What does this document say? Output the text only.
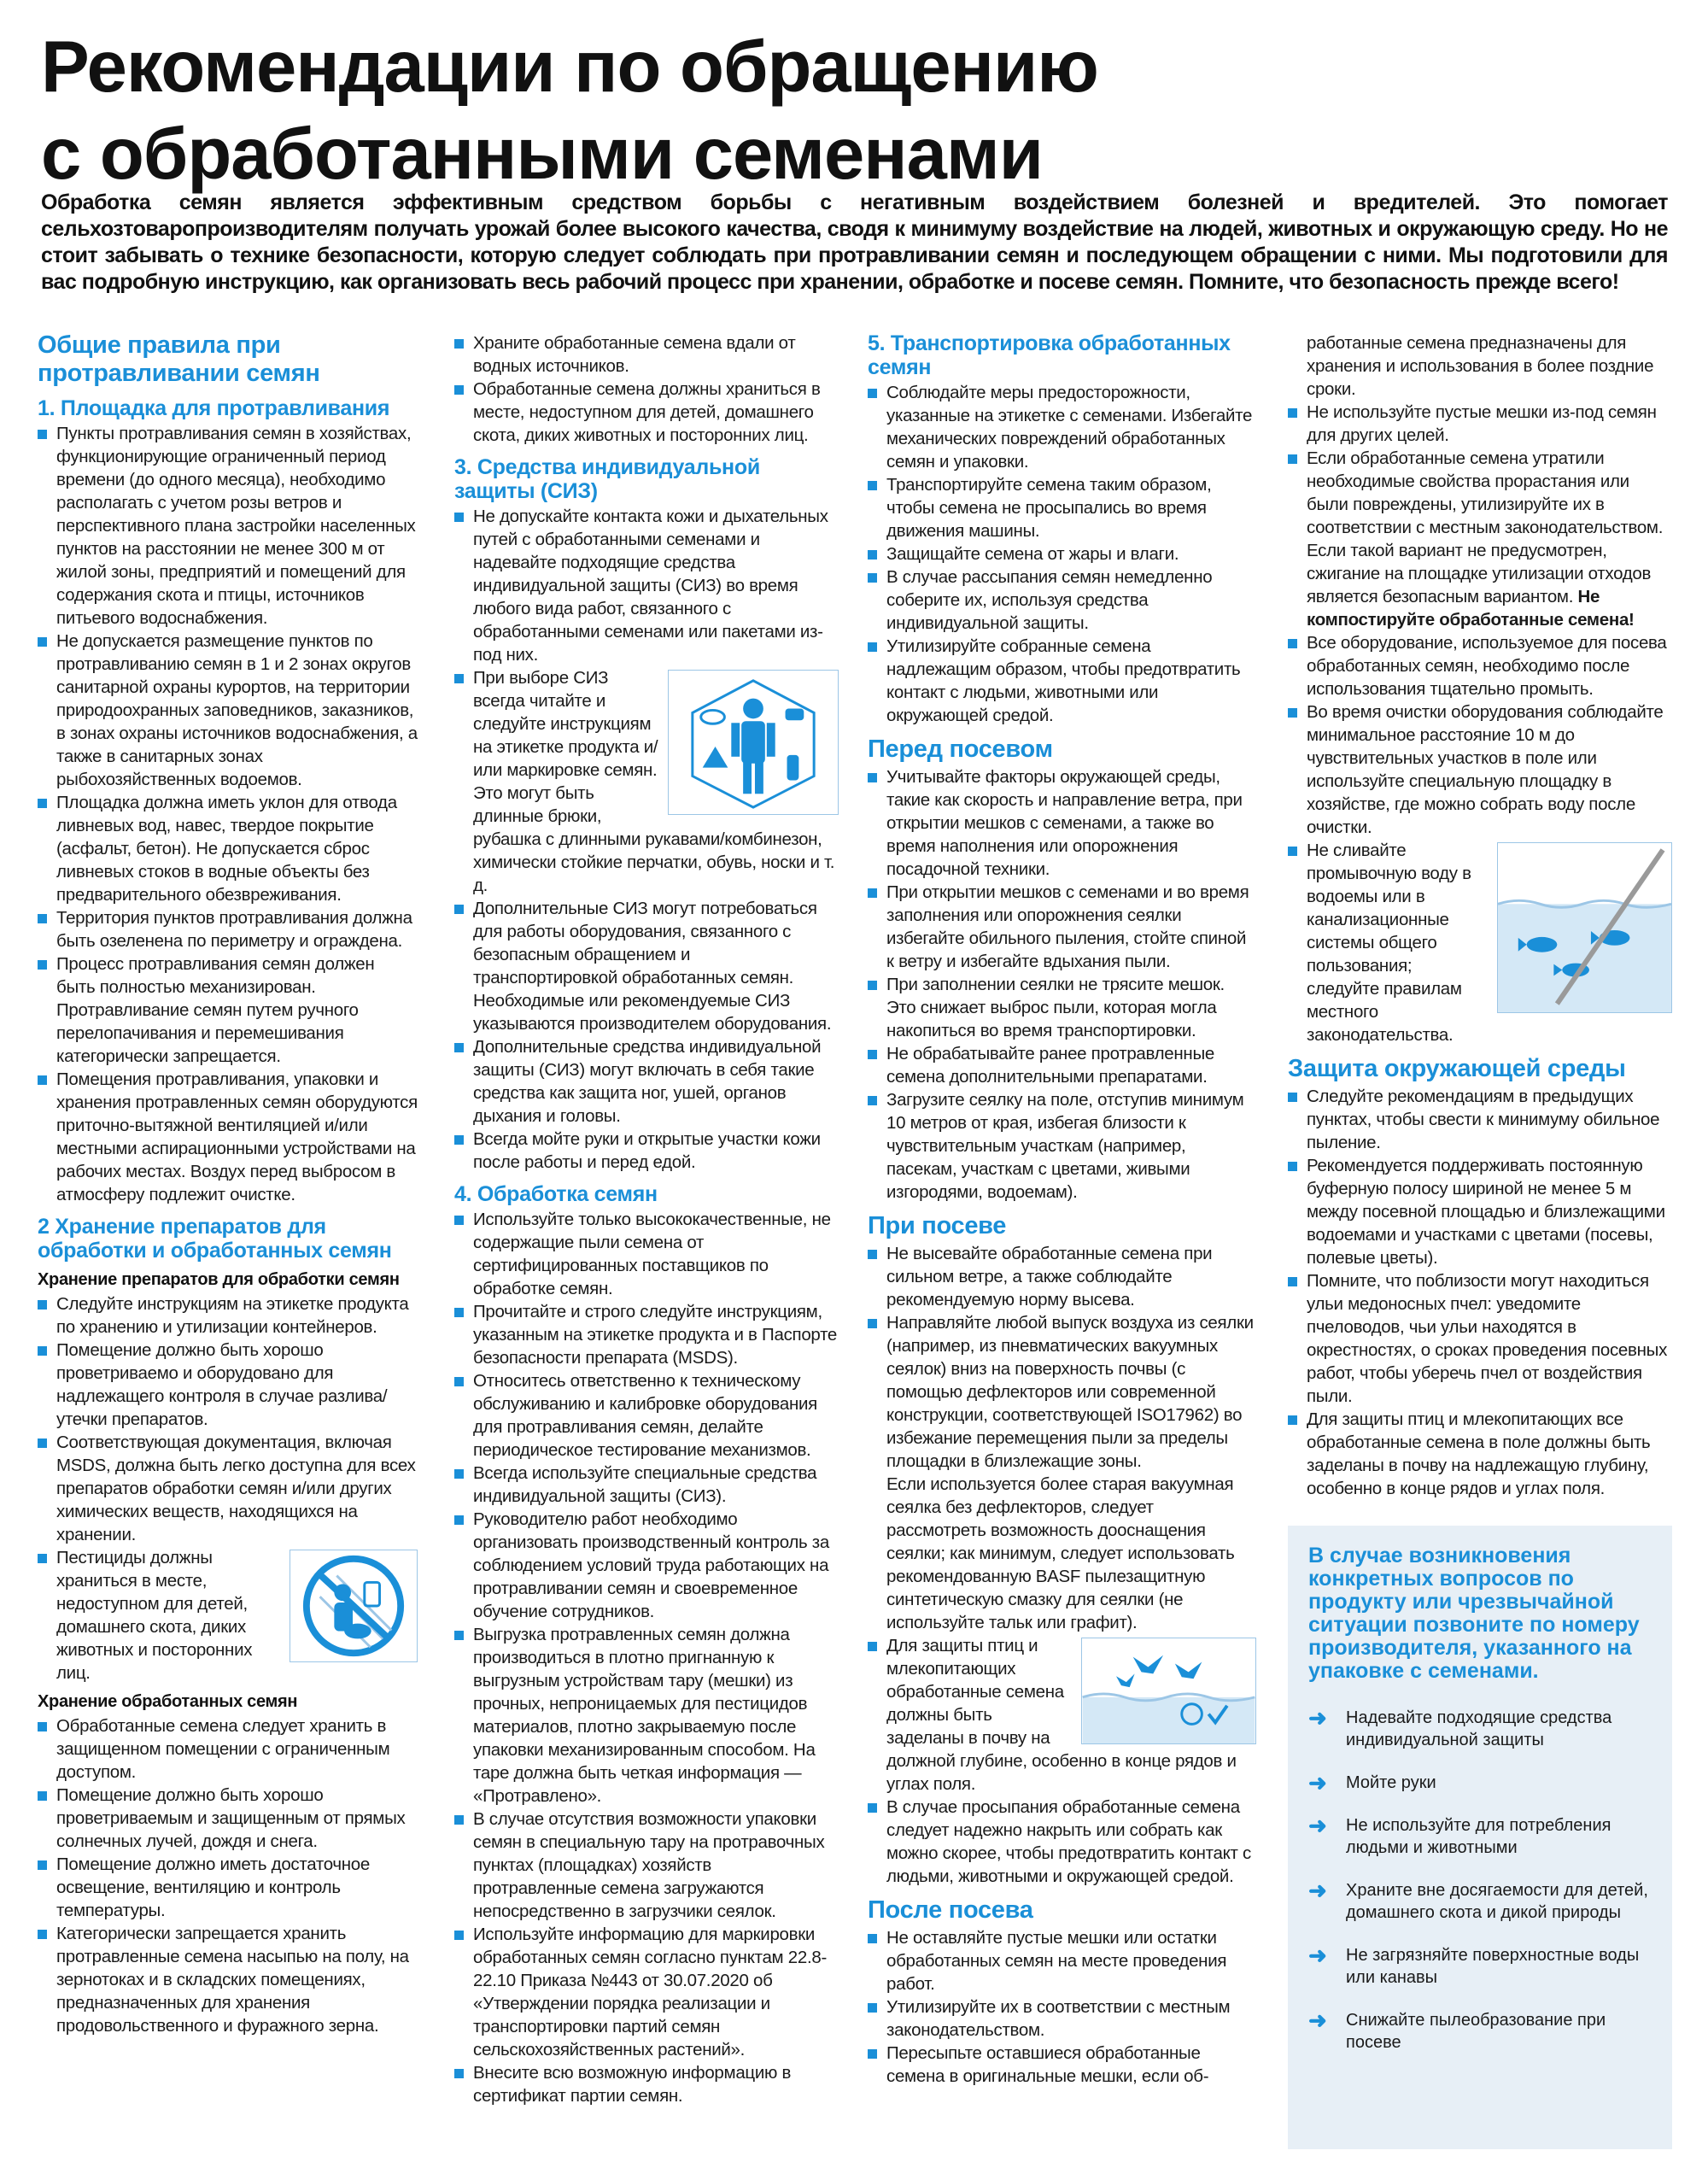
Рекомендации по обращению
с обработанными семенами
Обработка семян является эффективным средством борьбы с негативным воздействием болезней и вредителей. Это помогает сельхозтоваропроизводителям получать урожай более высокого качества, сводя к минимуму воздействие на людей, животных и окружающую среду. Но не стоит забывать о технике безопасности, которую следует соблюдать при протравливании семян и последующем обращении с ними. Мы подготовили для вас подробную инструкцию, как организовать весь рабочий процесс при хранении, обработке и посеве семян. Помните, что безопасность прежде всего!
Общие правила при протравливании семян
1. Площадка для протравливания
Пункты протравливания семян в хозяйствах, функционирующие ограниченный период времени (до одного месяца), необходимо располагать с учетом розы ветров и перспективного плана застройки населенных пунктов на расстоянии не менее 300 м от жилой зоны, предприятий и помещений для содержания скота и птицы, источников питьевого водоснабжения.
Не допускается размещение пунктов по протравливанию семян в 1 и 2 зонах округов санитарной охраны курортов, на территории природоохранных заповедников, заказников, в зонах охраны источников водоснабжения, а также в санитарных зонах рыбохозяйственных водоемов.
Площадка должна иметь уклон для отвода ливневых вод, навес, твердое покрытие (асфальт, бетон). Не допускается сброс ливневых стоков в водные объекты без предварительного обезвреживания.
Территория пунктов протравливания должна быть озеленена по периметру и ограждена.
Процесс протравливания семян должен быть полностью механизирован. Протравливание семян путем ручного перелопачивания и перемешивания категорически запрещается.
Помещения протравливания, упаковки и хранения протравленных семян оборудуются приточно-вытяжной вентиляцией и/или местными аспирационными устройствами на рабочих местах. Воздух перед выбросом в атмосферу подлежит очистке.
2 Хранение препаратов для обработки и обработанных семян
Хранение препаратов для обработки семян
Следуйте инструкциям на этикетке продукта по хранению и утилизации контейнеров.
Помещение должно быть хорошо проветриваемо и оборудовано для надлежащего контроля в случае разлива/утечки препаратов.
Соответствующая документация, включая MSDS, должна быть легко доступна для всех препаратов обработки семян и/или других химических веществ, находящихся на хранении.
Пестициды должны храниться в месте, недоступном для детей, домашнего скота, диких животных и посторонних лиц.
Хранение обработанных семян
Обработанные семена следует хранить в защищенном помещении с ограниченным доступом.
Помещение должно быть хорошо проветриваемым и защищенным от прямых солнечных лучей, дождя и снега.
Помещение должно иметь достаточное освещение, вентиляцию и контроль температуры.
Категорически запрещается хранить протравленные семена насыпью на полу, на зернотоках и в складских помещениях, предназначенных для хранения продовольственного и фуражного зерна.
Храните обработанные семена вдали от водных источников.
Обработанные семена должны храниться в месте, недоступном для детей, домашнего скота, диких животных и посторонних лиц.
3. Средства индивидуальной защиты (СИЗ)
Не допускайте контакта кожи и дыхательных путей с обработанными семенами и надевайте подходящие средства индивидуальной защиты (СИЗ) во время любого вида работ, связанного с обработанными семенами или пакетами из-под них.
При выборе СИЗ всегда читайте и следуйте инструкциям на этикетке продукта и/или маркировке семян. Это могут быть длинные брюки, рубашка с длинными рукавами/комбинезон, химически стойкие перчатки, обувь, носки и т. д.
Дополнительные СИЗ могут потребоваться для работы оборудования, связанного с безопасным обращением и транспортировкой обработанных семян. Необходимые или рекомендуемые СИЗ указываются производителем оборудования.
Дополнительные средства индивидуальной защиты (СИЗ) могут включать в себя такие средства как защита ног, ушей, органов дыхания и головы.
Всегда мойте руки и открытые участки кожи после работы и перед едой.
4. Обработка семян
Используйте только высококачественные, не содержащие пыли семена от сертифицированных поставщиков по обработке семян.
Прочитайте и строго следуйте инструкциям, указанным на этикетке продукта и в Паспорте безопасности препарата (MSDS).
Относитесь ответственно к техническому обслуживанию и калибровке оборудования для протравливания семян, делайте периодическое тестирование механизмов.
Всегда используйте специальные средства индивидуальной защиты (СИЗ).
Руководителю работ необходимо организовать производственный контроль за соблюдением условий труда работающих на протравливании семян и своевременное обучение сотрудников.
Выгрузка протравленных семян должна производиться в плотно пригнанную к выгрузным устройствам тару (мешки) из прочных, непроницаемых для пестицидов материалов, плотно закрываемую после упаковки механизированным способом. На таре должна быть четкая информация — «Протравлено».
В случае отсутствия возможности упаковки семян в специальную тару на протравочных пунктах (площадках) хозяйств протравленные семена загружаются непосредственно в загрузчики сеялок.
Используйте информацию для маркировки обработанных семян согласно пунктам 22.8-22.10 Приказа №443 от 30.07.2020 об «Утверждении порядка реализации и транспортировки партий семян сельскохозяйственных растений».
Внесите всю возможную информацию в сертификат партии семян.
5. Транспортировка обработанных семян
Соблюдайте меры предосторожности, указанные на этикетке с семенами. Избегайте механических повреждений обработанных семян и упаковки.
Транспортируйте семена таким образом, чтобы семена не просыпались во время движения машины.
Защищайте семена от жары и влаги.
В случае рассыпания семян немедленно соберите их, используя средства индивидуальной защиты.
Утилизируйте собранные семена надлежащим образом, чтобы предотвратить контакт с людьми, животными или окружающей средой.
Перед посевом
Учитывайте факторы окружающей среды, такие как скорость и направление ветра, при открытии мешков с семенами, а также во время наполнения или опорожнения посадочной техники.
При открытии мешков с семенами и во время заполнения или опорожнения сеялки избегайте обильного пыления, стойте спиной к ветру и избегайте вдыхания пыли.
При заполнении сеялки не трясите мешок. Это снижает выброс пыли, которая могла накопиться во время транспортировки.
Не обрабатывайте ранее протравленные семена дополнительными препаратами.
Загрузите сеялку на поле, отступив минимум 10 метров от края, избегая близости к чувствительным участкам (например, пасекам, участкам с цветами, живыми изгородями, водоемам).
При посеве
Не высевайте обработанные семена при сильном ветре, а также соблюдайте рекомендуемую норму высева.
Направляйте любой выпуск воздуха из сеялки (например, из пневматических вакуумных сеялок) вниз на поверхность почвы (с помощью дефлекторов или современной конструкции, соответствующей ISO17962) во избежание перемещения пыли за пределы площадки в близлежащие зоны.
Если используется более старая вакуумная сеялка без дефлекторов, следует рассмотреть возможность дооснащения сеялки; как минимум, следует использовать рекомендованную BASF пылезащитную синтетическую смазку для сеялки (не используйте тальк или графит).
Для защиты птиц и млекопитающих обработанные семена должны быть заделаны в почву на должной глубине, особенно в конце рядов и углах поля.
В случае просыпания обработанные семена следует надежно накрыть или собрать как можно скорее, чтобы предотвратить контакт с людьми, животными и окружающей средой.
После посева
Не оставляйте пустые мешки или остатки обработанных семян на месте проведения работ.
Утилизируйте их в соответствии с местным законодательством.
Пересыпьте оставшиеся обработанные семена в оригинальные мешки, если об-
работанные семена предназначены для хранения и использования в более поздние сроки.
Не используйте пустые мешки из-под семян для других целей.
Если обработанные семена утратили необходимые свойства прорастания или были повреждены, утилизируйте их в соответствии с местным законодательством. Если такой вариант не предусмотрен, сжигание на площадке утилизации отходов является безопасным вариантом. Не компостируйте обработанные семена!
Все оборудование, используемое для посева обработанных семян, необходимо после использования тщательно промыть.
Во время очистки оборудования соблюдайте минимальное расстояние 10 м до чувствительных участков в поле или используйте специальную площадку в хозяйстве, где можно собрать воду после очистки.
Не сливайте промывочную воду в водоемы или в канализационные системы общего пользования; следуйте правилам местного законодательства.
Защита окружающей среды
Следуйте рекомендациям в предыдущих пунктах, чтобы свести к минимуму обильное пыление.
Рекомендуется поддерживать постоянную буферную полосу шириной не менее 5 м между посевной площадью и близлежащими водоемами и участками с цветами (посевы, полевые цветы).
Помните, что поблизости могут находиться ульи медоносных пчел: уведомите пчеловодов, чьи ульи находятся в окрестностях, о сроках проведения посевных работ, чтобы уберечь пчел от воздействия пыли.
Для защиты птиц и млекопитающих все обработанные семена в поле должны быть заделаны в почву на надлежащую глубину, особенно в конце рядов и углах поля.
В случае возникновения конкретных вопросов по продукту или чрезвычайной ситуации позвоните по номеру производителя, указанного на упаковке с семенами.
➜	Надевайте подходящие средства индивидуальной защиты
➜	Мойте руки
➜	Не используйте для потребления людьми и животными
➜	Храните вне досягаемости для детей, домашнего скота и дикой природы
➜	Не загрязняйте поверхностные воды или канавы
➜	Снижайте пылеобразование при посеве
